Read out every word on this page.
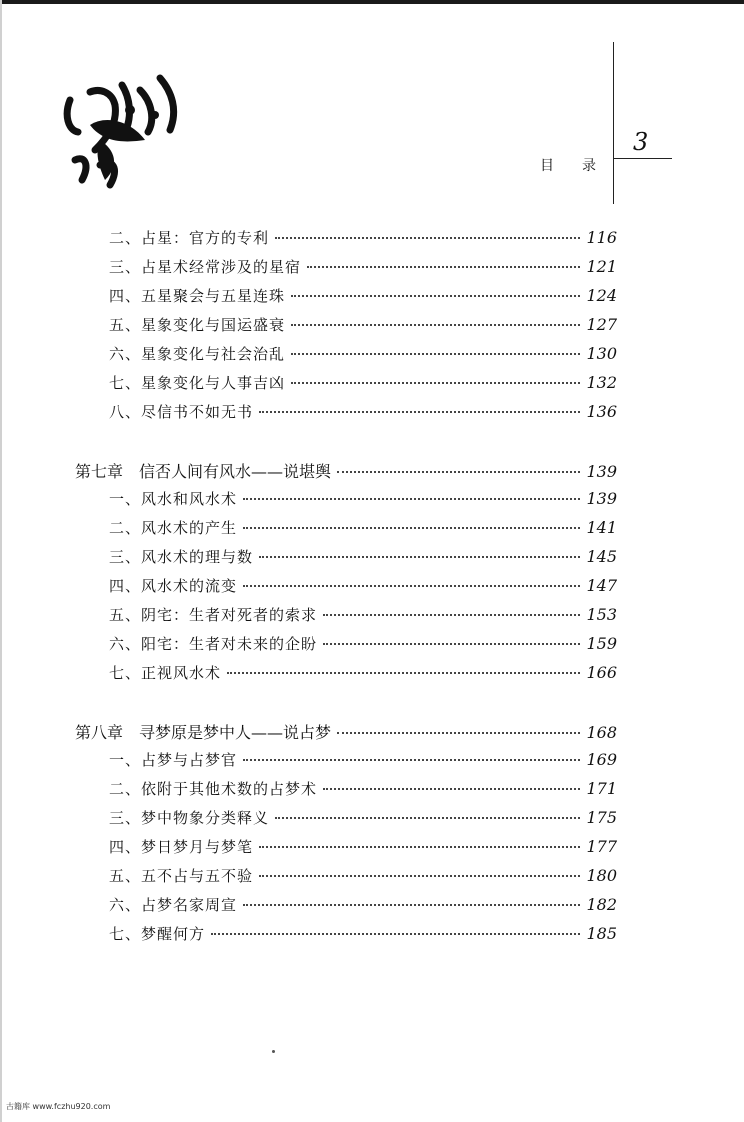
3
目录
二、占星：官方的专利	116
三、占星术经常涉及的星宿	121
四、五星聚会与五星连珠	124
五、星象变化与国运盛衰	127
六、星象变化与社会治乱	130
七、星象变化与人事吉凶	132
八、尽信书不如无书	136
第七章　信否人间有风水——说堪舆	139
一、风水和风水术	139
二、风水术的产生	141
三、风水术的理与数	145
四、风水术的流变	147
五、阴宅：生者对死者的索求	153
六、阳宅：生者对未来的企盼	159
七、正视风水术	166
第八章　寻梦原是梦中人——说占梦	168
一、占梦与占梦官	169
二、依附于其他术数的占梦术	171
三、梦中物象分类释义	175
四、梦日梦月与梦笔	177
五、五不占与五不验	180
六、占梦名家周宣	182
七、梦醒何方	185
古籍库 www.fczhu920.com
